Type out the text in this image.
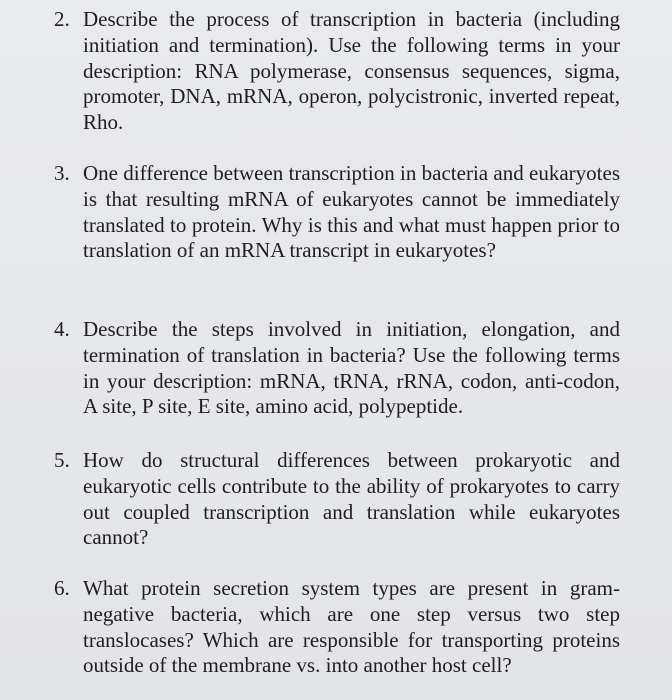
2. Describe the process of transcription in bacteria (including initiation and termination). Use the following terms in your description: RNA polymerase, consensus sequences, sigma, promoter, DNA, mRNA, operon, polycistronic, inverted repeat, Rho.
3. One difference between transcription in bacteria and eukaryotes is that resulting mRNA of eukaryotes cannot be immediately translated to protein. Why is this and what must happen prior to translation of an mRNA transcript in eukaryotes?
4. Describe the steps involved in initiation, elongation, and termination of translation in bacteria? Use the following terms in your description: mRNA, tRNA, rRNA, codon, anti-codon, A site, P site, E site, amino acid, polypeptide.
5. How do structural differences between prokaryotic and eukaryotic cells contribute to the ability of prokaryotes to carry out coupled transcription and translation while eukaryotes cannot?
6. What protein secretion system types are present in gram-negative bacteria, which are one step versus two step translocases? Which are responsible for transporting proteins outside of the membrane vs. into another host cell?
